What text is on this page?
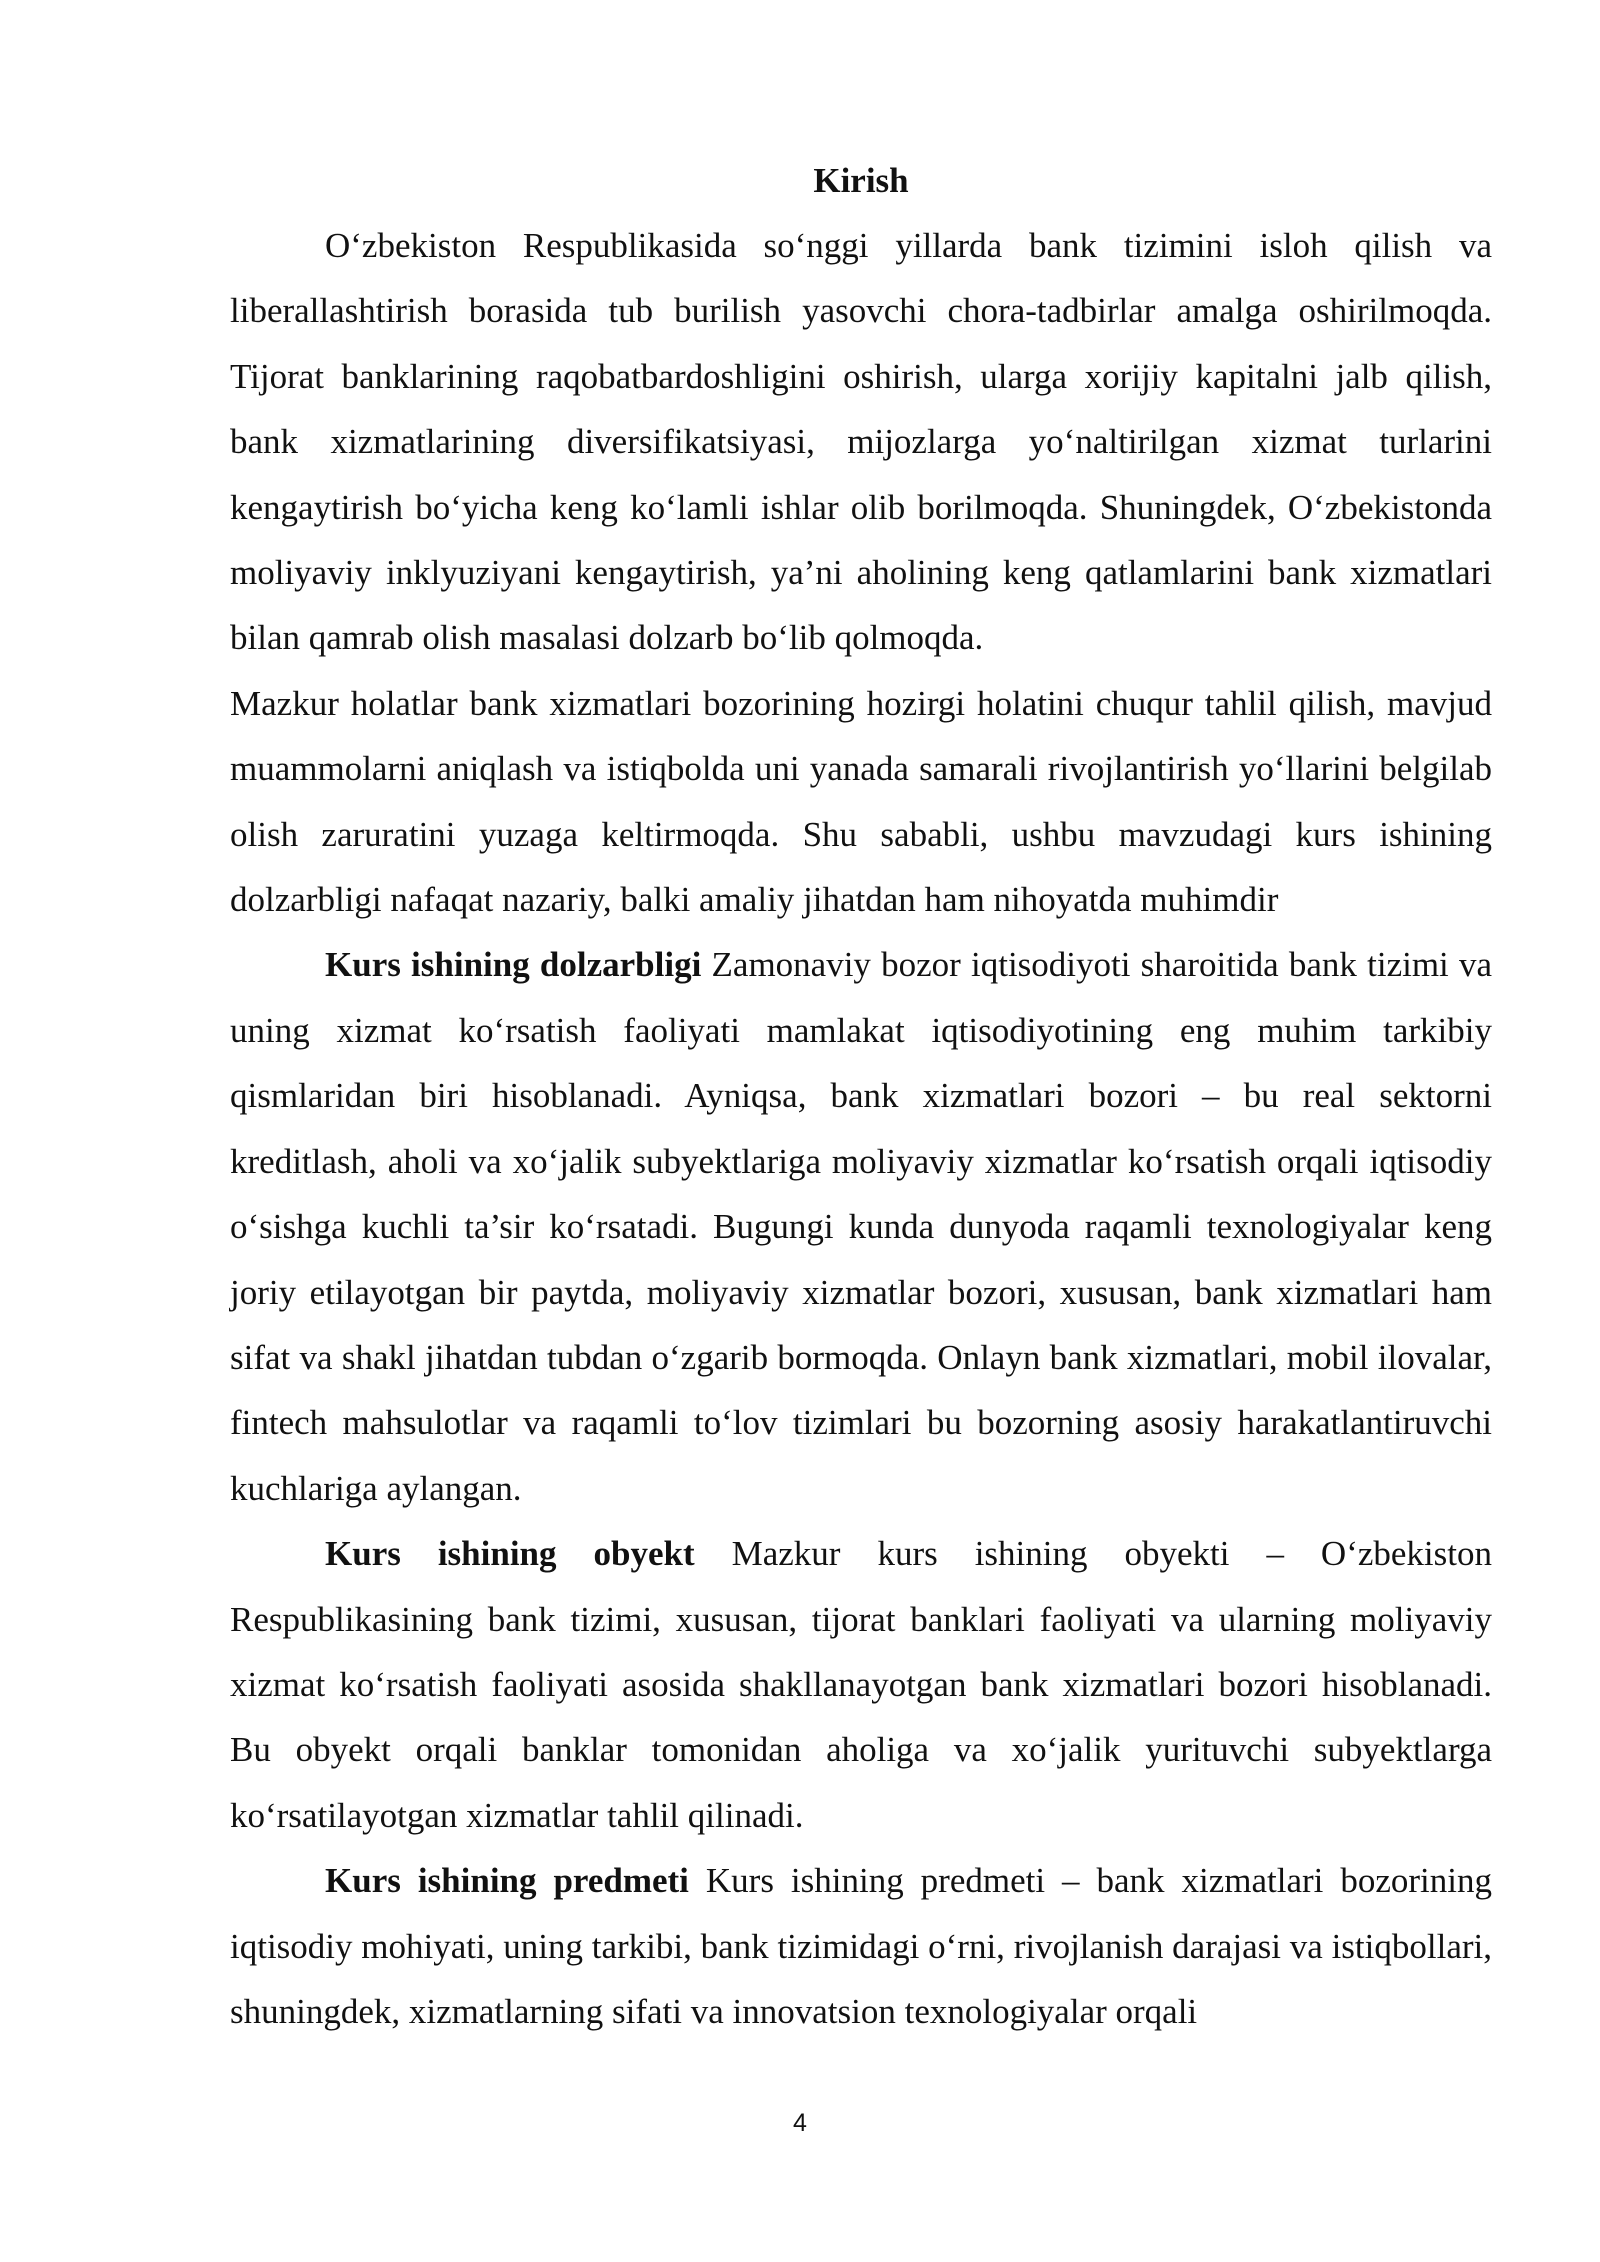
Kirish

O‘zbekiston Respublikasida so‘nggi yillarda bank tizimini isloh qilish va liberallashtirish borasida tub burilish yasovchi chora-tadbirlar amalga oshirilmoqda. Tijorat banklarining raqobatbardoshligini oshirish, ularga xorijiy kapitalni jalb qilish, bank xizmatlarining diversifikatsiyasi, mijozlarga yo‘naltirilgan xizmat turlarini kengaytirish bo‘yicha keng ko‘lamli ishlar olib borilmoqda. Shuningdek, O‘zbekistonda moliyaviy inklyuziyani kengaytirish, ya’ni aholining keng qatlamlarini bank xizmatlari bilan qamrab olish masalasi dolzarb bo‘lib qolmoqda.

Mazkur holatlar bank xizmatlari bozorining hozirgi holatini chuqur tahlil qilish, mavjud muammolarni aniqlash va istiqbolda uni yanada samarali rivojlantirish yo‘llarini belgilab olish zaruratini yuzaga keltirmoqda. Shu sababli, ushbu mavzudagi kurs ishining dolzarbligi nafaqat nazariy, balki amaliy jihatdan ham nihoyatda muhimdir

Kurs ishining dolzarbligi Zamonaviy bozor iqtisodiyoti sharoitida bank tizimi va uning xizmat ko‘rsatish faoliyati mamlakat iqtisodiyotining eng muhim tarkibiy qismlaridan biri hisoblanadi. Ayniqsa, bank xizmatlari bozori – bu real sektorni kreditlash, aholi va xo‘jalik subyektlariga moliyaviy xizmatlar ko‘rsatish orqali iqtisodiy o‘sishga kuchli ta’sir ko‘rsatadi. Bugungi kunda dunyoda raqamli texnologiyalar keng joriy etilayotgan bir paytda, moliyaviy xizmatlar bozori, xususan, bank xizmatlari ham sifat va shakl jihatdan tubdan o‘zgarib bormoqda. Onlayn bank xizmatlari, mobil ilovalar, fintech mahsulotlar va raqamli to‘lov tizimlari bu bozorning asosiy harakatlantiruvchi kuchlariga aylangan.

Kurs ishining obyekt Mazkur kurs ishining obyekti – O‘zbekiston Respublikasining bank tizimi, xususan, tijorat banklari faoliyati va ularning moliyaviy xizmat ko‘rsatish faoliyati asosida shakllanayotgan bank xizmatlari bozori hisoblanadi. Bu obyekt orqali banklar tomonidan aholiga va xo‘jalik yurituvchi subyektlarga ko‘rsatilayotgan xizmatlar tahlil qilinadi.

Kurs ishining predmeti Kurs ishining predmeti – bank xizmatlari bozorining iqtisodiy mohiyati, uning tarkibi, bank tizimidagi o‘rni, rivojlanish darajasi va istiqbollari, shuningdek, xizmatlarning sifati va innovatsion texnologiyalar orqali

4
